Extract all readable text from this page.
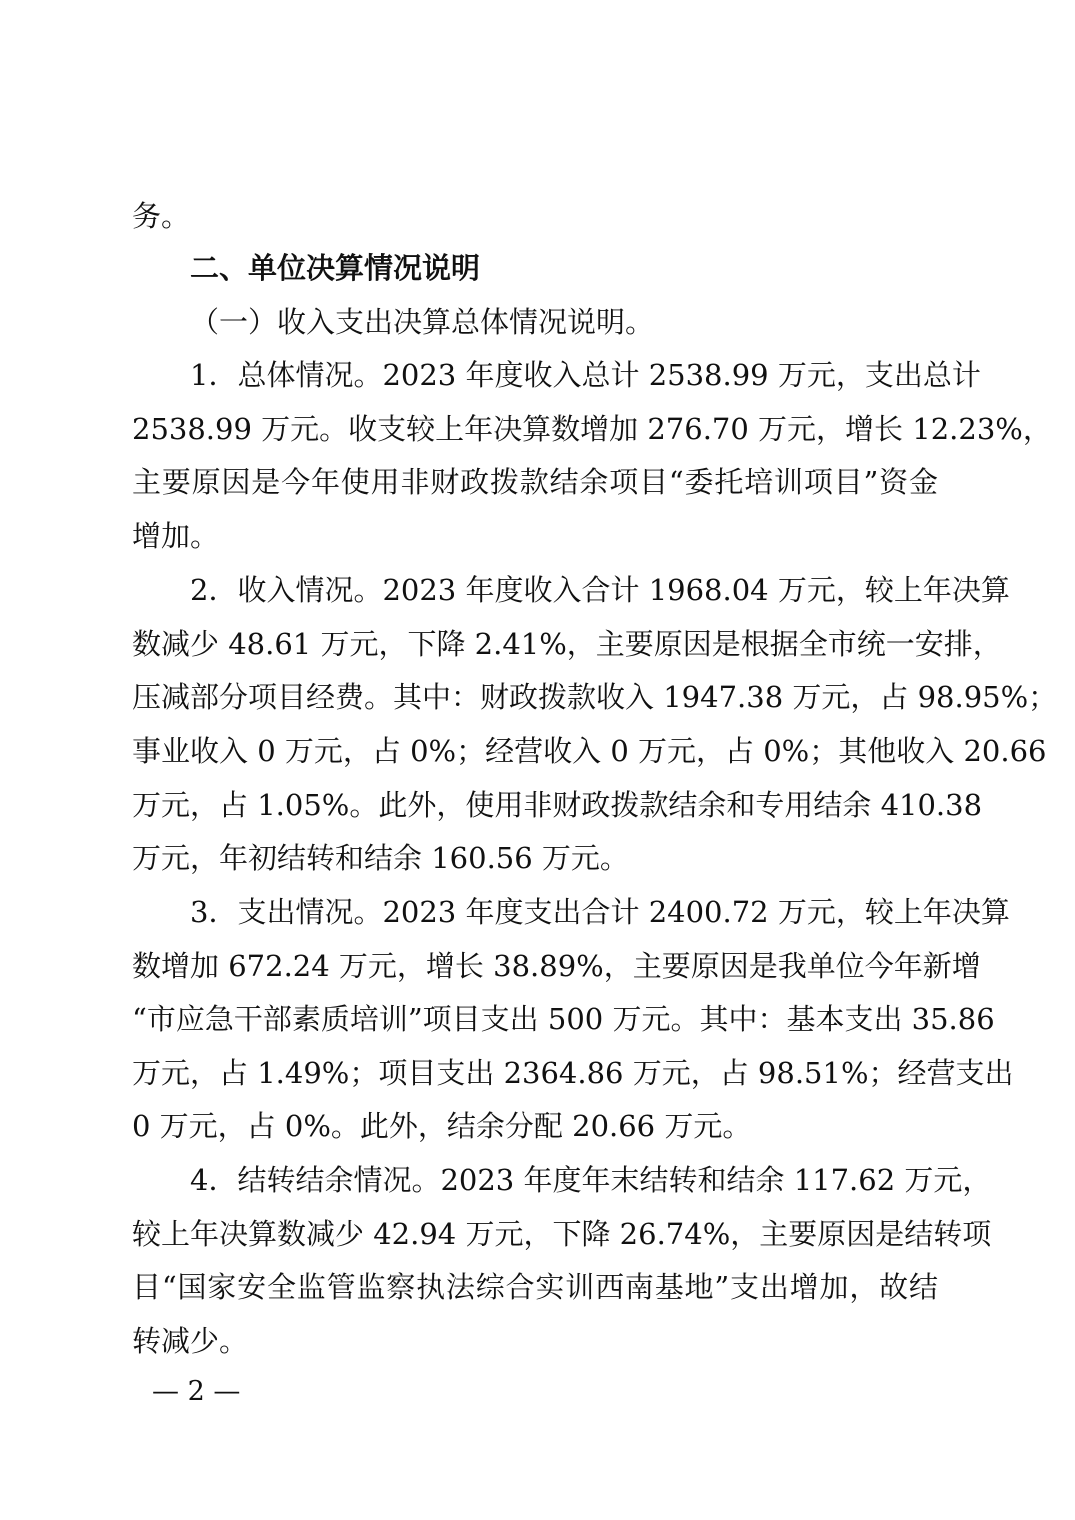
务。
二、单位决算情况说明
（一）收入支出决算总体情况说明。
1．总体情况。2023 年度收入总计 2538.99 万元，支出总计
2538.99 万元。收支较上年决算数增加 276.70 万元，增长 12.23%，
主要原因是今年使用非财政拨款结余项目“委托培训项目”资金
增加。
2．收入情况。2023 年度收入合计 1968.04 万元，较上年决算
数减少 48.61 万元，下降 2.41%，主要原因是根据全市统一安排，
压减部分项目经费。其中：财政拨款收入 1947.38 万元，占 98.95%；
事业收入 0 万元，占 0%；经营收入 0 万元，占 0%；其他收入 20.66
万元，占 1.05%。此外，使用非财政拨款结余和专用结余 410.38
万元，年初结转和结余 160.56 万元。
3．支出情况。2023 年度支出合计 2400.72 万元，较上年决算
数增加 672.24 万元，增长 38.89%，主要原因是我单位今年新增
“市应急干部素质培训”项目支出 500 万元。其中：基本支出 35.86
万元，占 1.49%；项目支出 2364.86 万元，占 98.51%；经营支出
0 万元，占 0%。此外，结余分配 20.66 万元。
4．结转结余情况。2023 年度年末结转和结余 117.62 万元，
较上年决算数减少 42.94 万元，下降 26.74%，主要原因是结转项
目“国家安全监管监察执法综合实训西南基地”支出增加，故结
转减少。
— 2 —
